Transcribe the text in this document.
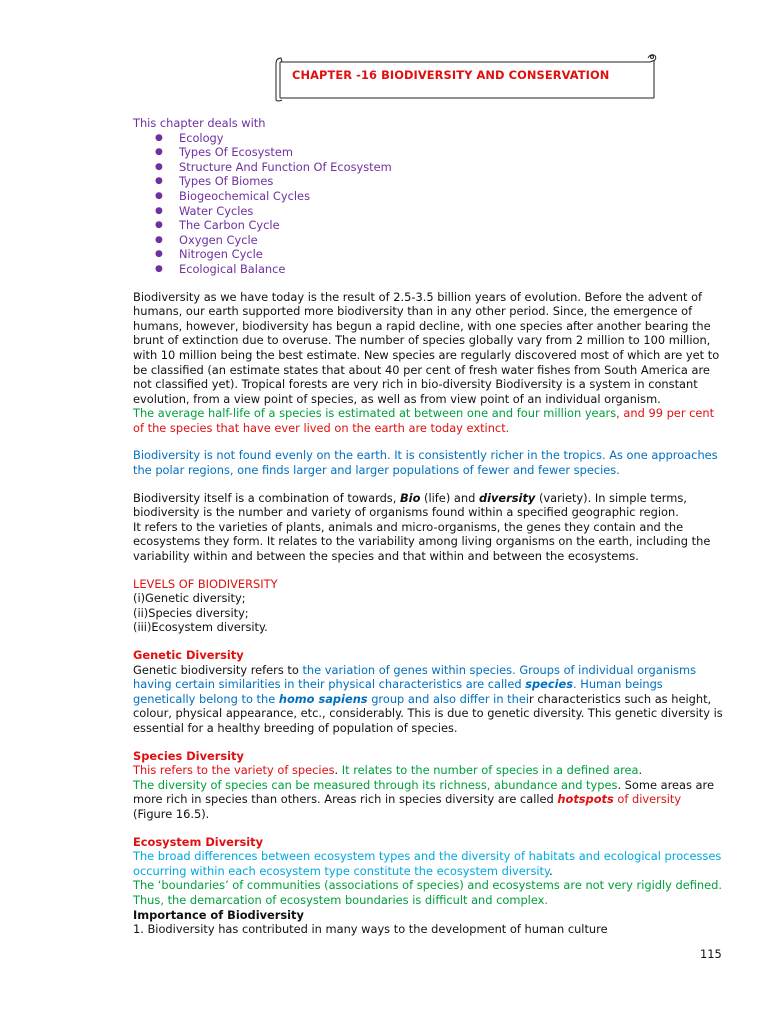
CHAPTER -16 BIODIVERSITY AND CONSERVATION

This chapter deals with

● Ecology
● Types Of Ecosystem
● Structure And Function Of Ecosystem
● Types Of Biomes
● Biogeochemical Cycles
● Water Cycles
● The Carbon Cycle
● Oxygen Cycle
● Nitrogen Cycle
● Ecological Balance

Biodiversity as we have today is the result of 2.5-3.5 billion years of evolution. Before the advent of humans, our earth supported more biodiversity than in any other period. Since, the emergence of humans, however, biodiversity has begun a rapid decline, with one species after another bearing the brunt of extinction due to overuse. The number of species globally vary from 2 million to 100 million, with 10 million being the best estimate. New species are regularly discovered most of which are yet to be classified (an estimate states that about 40 per cent of fresh water fishes from South America are not classified yet). Tropical forests are very rich in bio-diversity Biodiversity is a system in constant evolution, from a view point of species, as well as from view point of an individual organism.

The average half-life of a species is estimated at between one and four million years, and 99 per cent of the species that have ever lived on the earth are today extinct.

Biodiversity is not found evenly on the earth. It is consistently richer in the tropics. As one approaches the polar regions, one finds larger and larger populations of fewer and fewer species.

Biodiversity itself is a combination of towards, Bio (life) and diversity (variety). In simple terms, biodiversity is the number and variety of organisms found within a specified geographic region.

It refers to the varieties of plants, animals and micro-organisms, the genes they contain and the ecosystems they form. It relates to the variability among living organisms on the earth, including the variability within and between the species and that within and between the ecosystems.

LEVELS OF BIODIVERSITY

(i)Genetic diversity;

(ii)Species diversity;

(iii)Ecosystem diversity.

Genetic Diversity

Genetic biodiversity refers to the variation of genes within species. Groups of individual organisms having certain similarities in their physical characteristics are called species. Human beings genetically belong to the homo sapiens group and also differ in their characteristics such as height, colour, physical appearance, etc., considerably. This is due to genetic diversity. This genetic diversity is essential for a healthy breeding of population of species.

Species Diversity

This refers to the variety of species. It relates to the number of species in a defined area.

The diversity of species can be measured through its richness, abundance and types. Some areas are more rich in species than others. Areas rich in species diversity are called hotspots of diversity
(Figure 16.5).

Ecosystem Diversity

The broad differences between ecosystem types and the diversity of habitats and ecological processes occurring within each ecosystem type constitute the ecosystem diversity.

The ‘boundaries’ of communities (associations of species) and ecosystems are not very rigidly defined. Thus, the demarcation of ecosystem boundaries is difficult and complex.

Importance of Biodiversity

1. Biodiversity has contributed in many ways to the development of human culture

115
